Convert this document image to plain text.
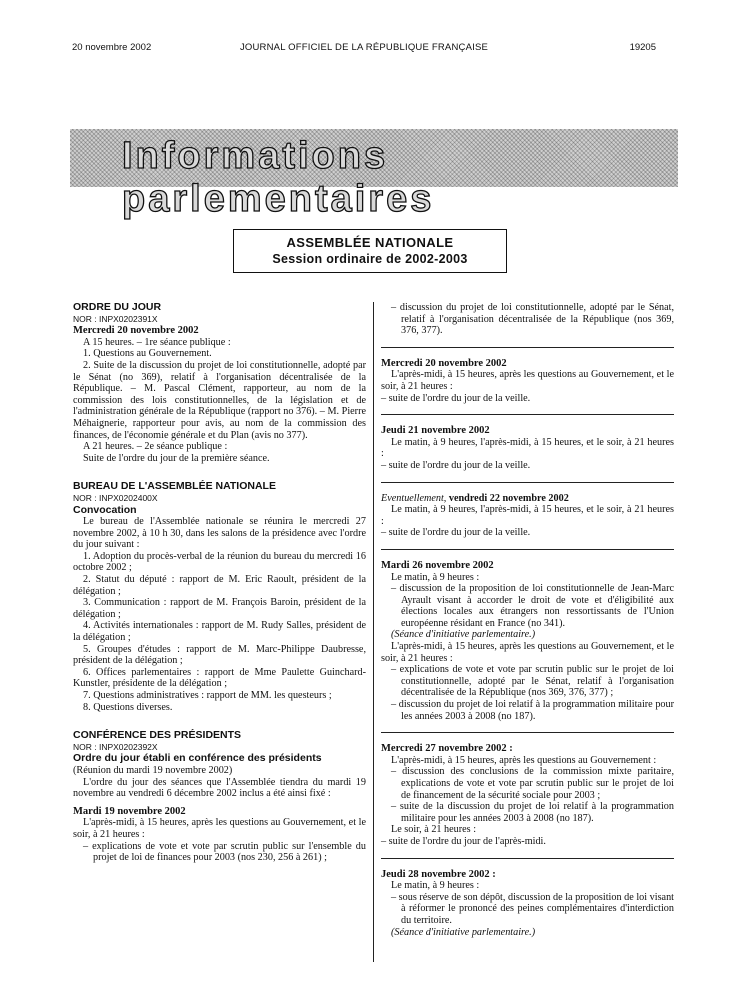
20 novembre 2002	JOURNAL OFFICIEL DE LA RÉPUBLIQUE FRANÇAISE	19205
Informations parlementaires
ASSEMBLÉE NATIONALE
Session ordinaire de 2002-2003

ORDRE DU JOUR

NOR : INPX0202391X

Mercredi 20 novembre 2002

A 15 heures. – 1re séance publique :

1. Questions au Gouvernement.

2. Suite de la discussion du projet de loi constitutionnelle, adopté par le Sénat (no 369), relatif à l'organisation décentralisée de la République. – M. Pascal Clément, rapporteur, au nom de la commission des lois constitutionnelles, de la législation et de l'administration générale de la République (rapport no 376). – M. Pierre Méhaignerie, rapporteur pour avis, au nom de la commission des finances, de l'économie générale et du Plan (avis no 377).

A 21 heures. – 2e séance publique :

Suite de l'ordre du jour de la première séance.

BUREAU DE L'ASSEMBLÉE NATIONALE

NOR : INPX0202400X

Convocation

Le bureau de l'Assemblée nationale se réunira le mercredi 27 novembre 2002, à 10 h 30, dans les salons de la présidence avec l'ordre du jour suivant :

1. Adoption du procès-verbal de la réunion du bureau du mercredi 16 octobre 2002 ;

2. Statut du député : rapport de M. Eric Raoult, président de la délégation ;

3. Communication : rapport de M. François Baroin, président de la délégation ;

4. Activités internationales : rapport de M. Rudy Salles, président de la délégation ;

5. Groupes d'études : rapport de M. Marc-Philippe Daubresse, président de la délégation ;

6. Offices parlementaires : rapport de Mme Paulette Guinchard-Kunstler, présidente de la délégation ;

7. Questions administratives : rapport de MM. les questeurs ;

8. Questions diverses.

CONFÉRENCE DES PRÉSIDENTS

NOR : INPX0202392X

Ordre du jour établi en conférence des présidents

(Réunion du mardi 19 novembre 2002)

L'ordre du jour des séances que l'Assemblée tiendra du mardi 19 novembre au vendredi 6 décembre 2002 inclus a été ainsi fixé :

Mardi 19 novembre 2002

L'après-midi, à 15 heures, après les questions au Gouvernement, et le soir, à 21 heures :

– explications de vote et vote par scrutin public sur l'ensemble du projet de loi de finances pour 2003 (nos 230, 256 à 261) ;

– discussion du projet de loi constitutionnelle, adopté par le Sénat, relatif à l'organisation décentralisée de la République (nos 369, 376, 377).

Mercredi 20 novembre 2002

L'après-midi, à 15 heures, après les questions au Gouvernement, et le soir, à 21 heures :

– suite de l'ordre du jour de la veille.

Jeudi 21 novembre 2002

Le matin, à 9 heures, l'après-midi, à 15 heures, et le soir, à 21 heures :

– suite de l'ordre du jour de la veille.

Eventuellement, vendredi 22 novembre 2002

Le matin, à 9 heures, l'après-midi, à 15 heures, et le soir, à 21 heures :

– suite de l'ordre du jour de la veille.

Mardi 26 novembre 2002

Le matin, à 9 heures :

– discussion de la proposition de loi constitutionnelle de Jean-Marc Ayrault visant à accorder le droit de vote et d'éligibilité aux élections locales aux étrangers non ressortissants de l'Union européenne résidant en France (no 341).

(Séance d'initiative parlementaire.)

L'après-midi, à 15 heures, après les questions au Gouvernement, et le soir, à 21 heures :

– explications de vote et vote par scrutin public sur le projet de loi constitutionnelle, adopté par le Sénat, relatif à l'organisation décentralisée de la République (nos 369, 376, 377) ;

– discussion du projet de loi relatif à la programmation militaire pour les années 2003 à 2008 (no 187).

Mercredi 27 novembre 2002 :

L'après-midi, à 15 heures, après les questions au Gouvernement :

– discussion des conclusions de la commission mixte paritaire, explications de vote et vote par scrutin public sur le projet de loi de financement de la sécurité sociale pour 2003 ;

– suite de la discussion du projet de loi relatif à la programmation militaire pour les années 2003 à 2008 (no 187).

Le soir, à 21 heures :

– suite de l'ordre du jour de l'après-midi.

Jeudi 28 novembre 2002 :

Le matin, à 9 heures :

– sous réserve de son dépôt, discussion de la proposition de loi visant à réformer le prononcé des peines complémentaires d'interdiction du territoire.

(Séance d'initiative parlementaire.)
